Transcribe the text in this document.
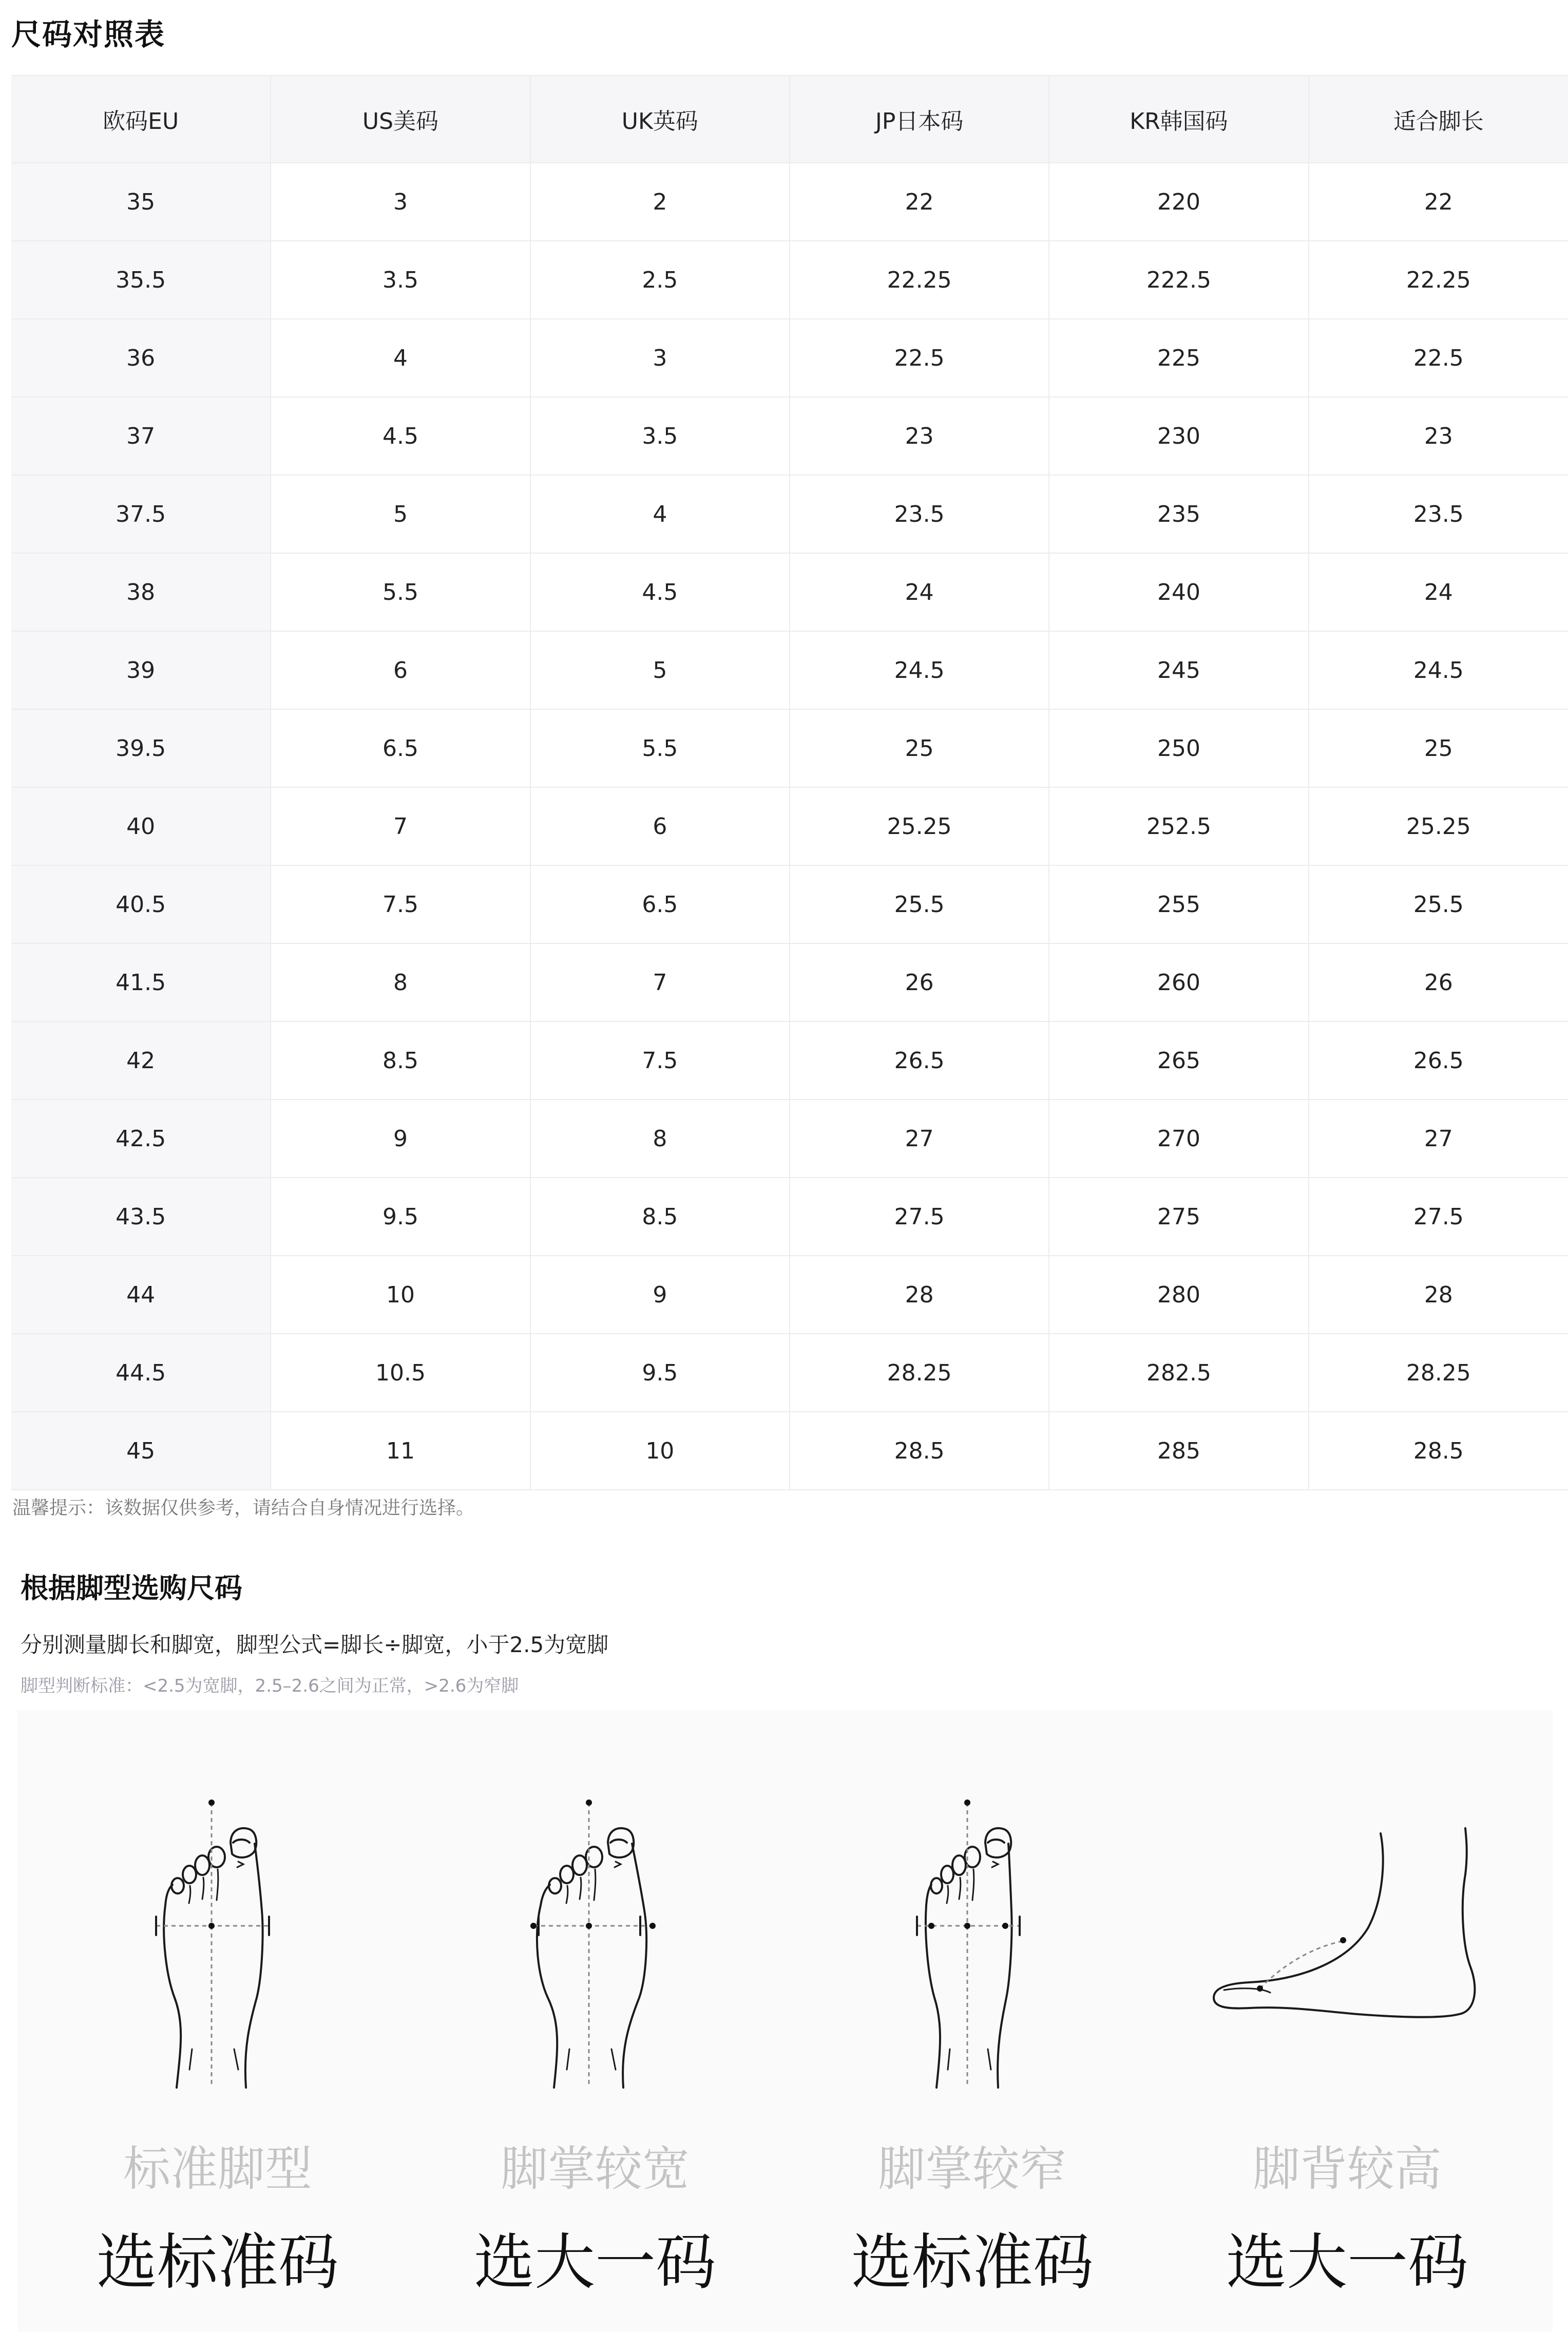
尺码对照表
欧码EU	US美码	UK英码	JP日本码	KR韩国码	适合脚长
35	3	2	22	220	22
35.5	3.5	2.5	22.25	222.5	22.25
36	4	3	22.5	225	22.5
37	4.5	3.5	23	230	23
37.5	5	4	23.5	235	23.5
38	5.5	4.5	24	240	24
39	6	5	24.5	245	24.5
39.5	6.5	5.5	25	250	25
40	7	6	25.25	252.5	25.25
40.5	7.5	6.5	25.5	255	25.5
41.5	8	7	26	260	26
42	8.5	7.5	26.5	265	26.5
42.5	9	8	27	270	27
43.5	9.5	8.5	27.5	275	27.5
44	10	9	28	280	28
44.5	10.5	9.5	28.25	282.5	28.25
45	11	10	28.5	285	28.5
温馨提示：该数据仅供参考，请结合自身情况进行选择。
根据脚型选购尺码
分别测量脚长和脚宽，脚型公式=脚长÷脚宽，小于2.5为宽脚
脚型判断标准：<2.5为宽脚，2.5–2.6之间为正常，>2.6为窄脚
标准脚型
选标准码
脚掌较宽
选大一码
脚掌较窄
选标准码
脚背较高
选大一码
